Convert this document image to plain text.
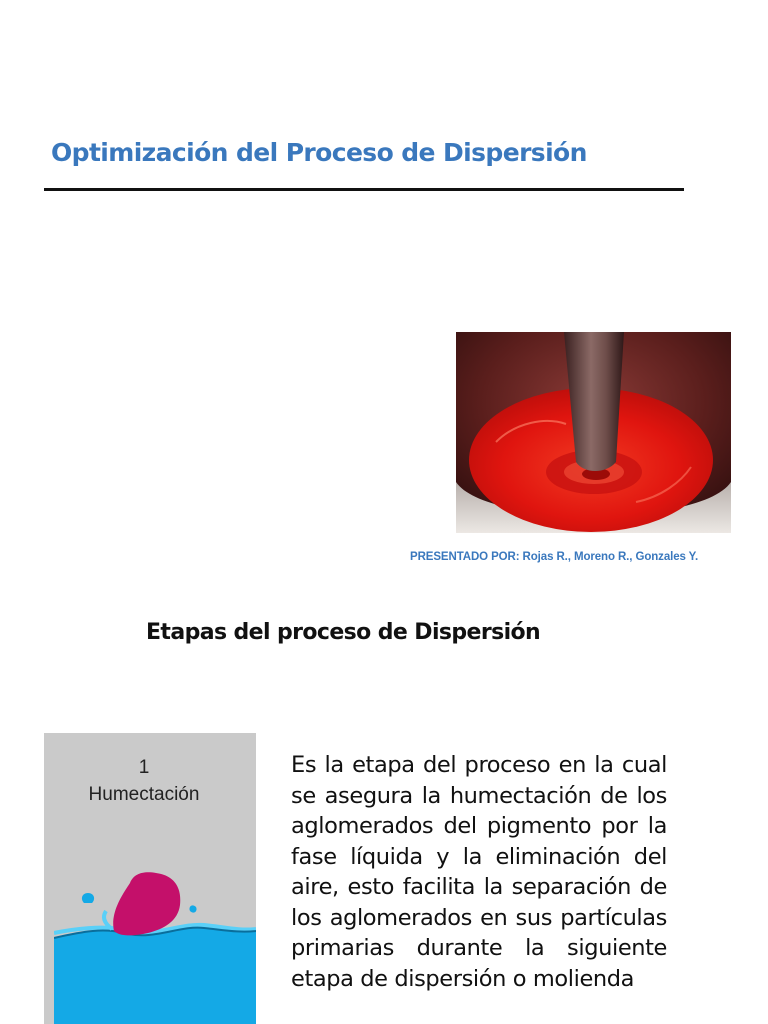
Optimización del Proceso de Dispersión
PRESENTADO POR: Rojas R., Moreno R., Gonzales Y.
Etapas del proceso de Dispersión
1
Humectación
Es la etapa del proceso en la cual se asegura la humectación de los aglomerados del pigmento por la fase líquida y la eliminación del aire, esto facilita la separación de los aglomerados en sus partículas primarias durante la siguiente etapa de dispersión o molienda
